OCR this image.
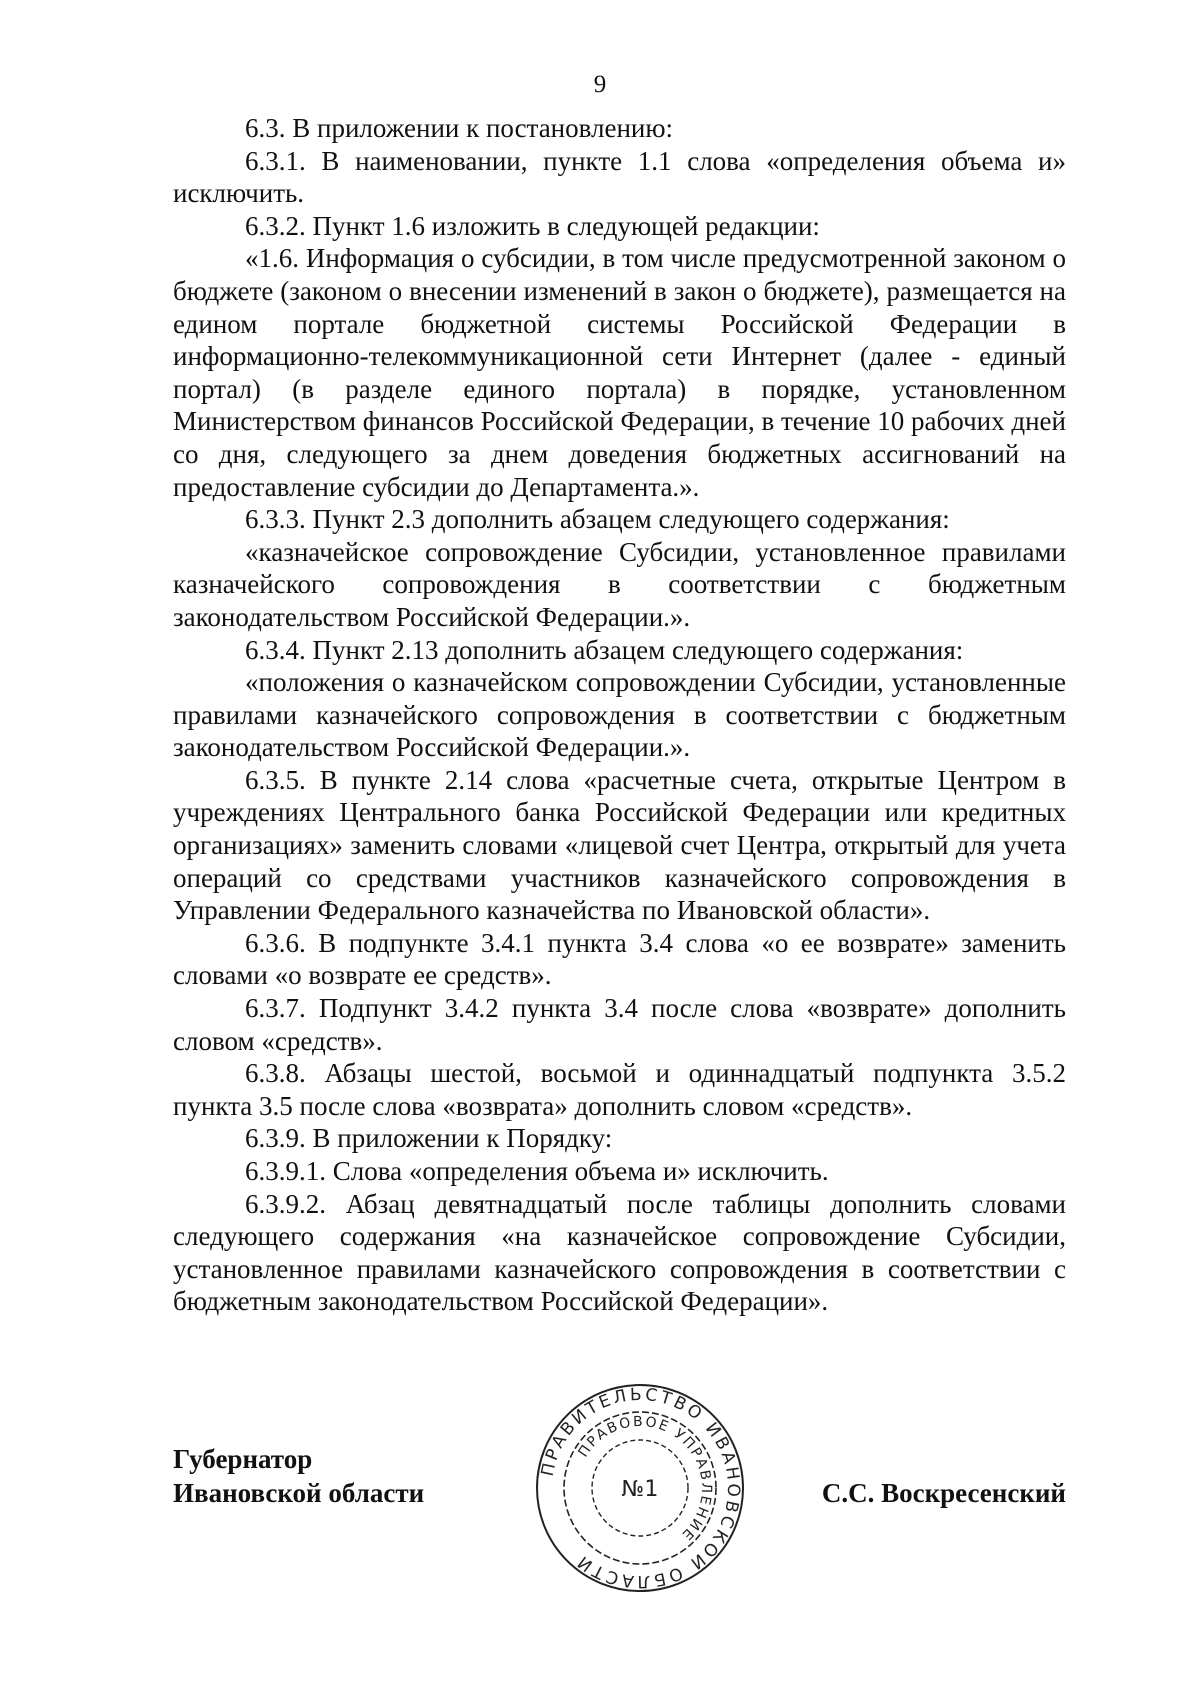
9

6.3. В приложении к постановлению:

6.3.1. В наименовании, пункте 1.1 слова «определения объема и» исключить.

6.3.2. Пункт 1.6 изложить в следующей редакции:

«1.6. Информация о субсидии, в том числе предусмотренной законом о бюджете (законом о внесении изменений в закон о бюджете), размещается на едином портале бюджетной системы Российской Федерации в информационно-телекоммуникационной сети Интернет (далее - единый портал) (в разделе единого портала) в порядке, установленном Министерством финансов Российской Федерации, в течение 10 рабочих дней со дня, следующего за днем доведения бюджетных ассигнований на предоставление субсидии до Департамента.».

6.3.3. Пункт 2.3 дополнить абзацем следующего содержания:

«казначейское сопровождение Субсидии, установленное правилами казначейского сопровождения в соответствии с бюджетным законодательством Российской Федерации.».

6.3.4. Пункт 2.13 дополнить абзацем следующего содержания:

«положения о казначейском сопровождении Субсидии, установленные правилами казначейского сопровождения в соответствии с бюджетным законодательством Российской Федерации.».

6.3.5. В пункте 2.14 слова «расчетные счета, открытые Центром в учреждениях Центрального банка Российской Федерации или кредитных организациях» заменить словами «лицевой счет Центра, открытый для учета операций со средствами участников казначейского сопровождения в Управлении Федерального казначейства по Ивановской области».

6.3.6. В подпункте 3.4.1 пункта 3.4 слова «о ее возврате» заменить словами «о возврате ее средств».

6.3.7. Подпункт 3.4.2 пункта 3.4 после слова «возврате» дополнить словом «средств».

6.3.8. Абзацы шестой, восьмой и одиннадцатый подпункта 3.5.2 пункта 3.5 после слова «возврата» дополнить словом «средств».

6.3.9. В приложении к Порядку:

6.3.9.1. Слова «определения объема и» исключить.

6.3.9.2. Абзац девятнадцатый после таблицы дополнить словами следующего содержания «на казначейское сопровождение Субсидии, установленное правилами казначейского сопровождения в соответствии с бюджетным законодательством Российской Федерации».

Губернатор
Ивановской области	С.С. Воскресенский
ПРАВИТЕЛЬСТВО ИВАНОВСКОЙ ОБЛАСТИ
ПРАВОВОЕ УПРАВЛЕНИЕ
№1
